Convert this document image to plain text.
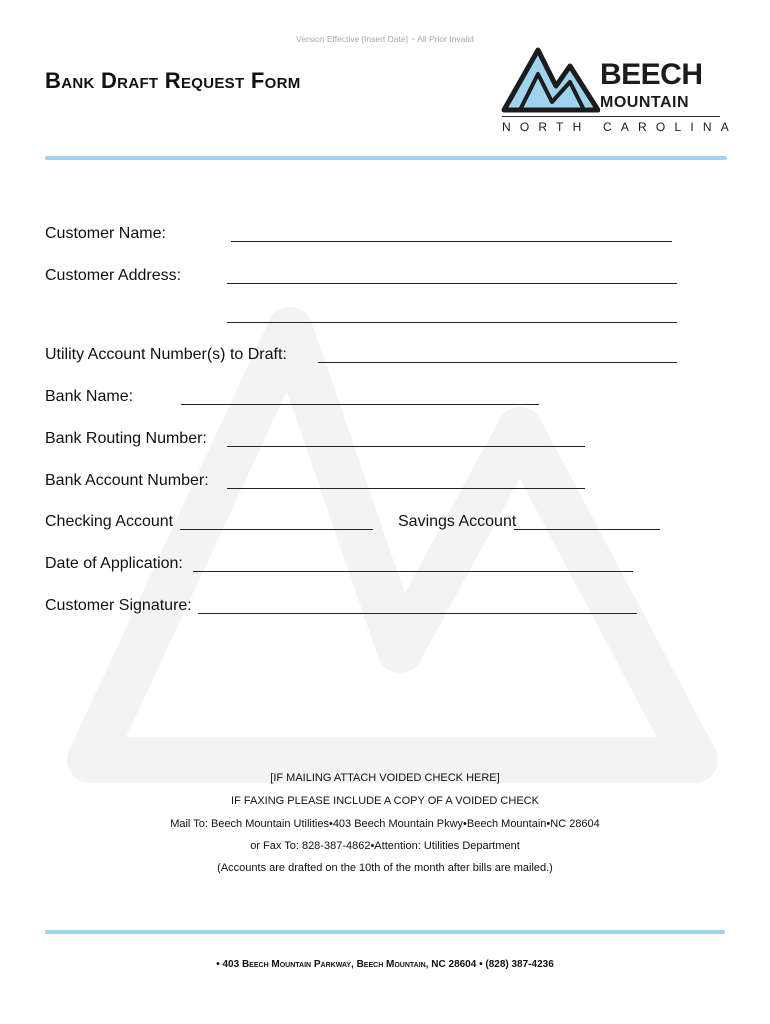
Version Effective [Insert Date] ~ All Prior Invalid
Bank Draft Request Form	BEECH
MOUNTAIN
NORTH CAROLINA
Customer Name:
Customer Address:
Utility Account Number(s) to Draft:
Bank Name:
Bank Routing Number:
Bank Account Number:
Checking Account	Savings Account
Date of Application:
Customer Signature:
[IF MAILING ATTACH VOIDED CHECK HERE]
IF FAXING PLEASE INCLUDE A COPY OF A VOIDED CHECK
Mail To: Beech Mountain Utilities•403 Beech Mountain Pkwy•Beech Mountain•NC 28604
or Fax To: 828-387-4862•Attention: Utilities Department
(Accounts are drafted on the 10th of the month after bills are mailed.)
• 403 Beech Mountain Parkway, Beech Mountain, NC 28604 • (828) 387-4236
